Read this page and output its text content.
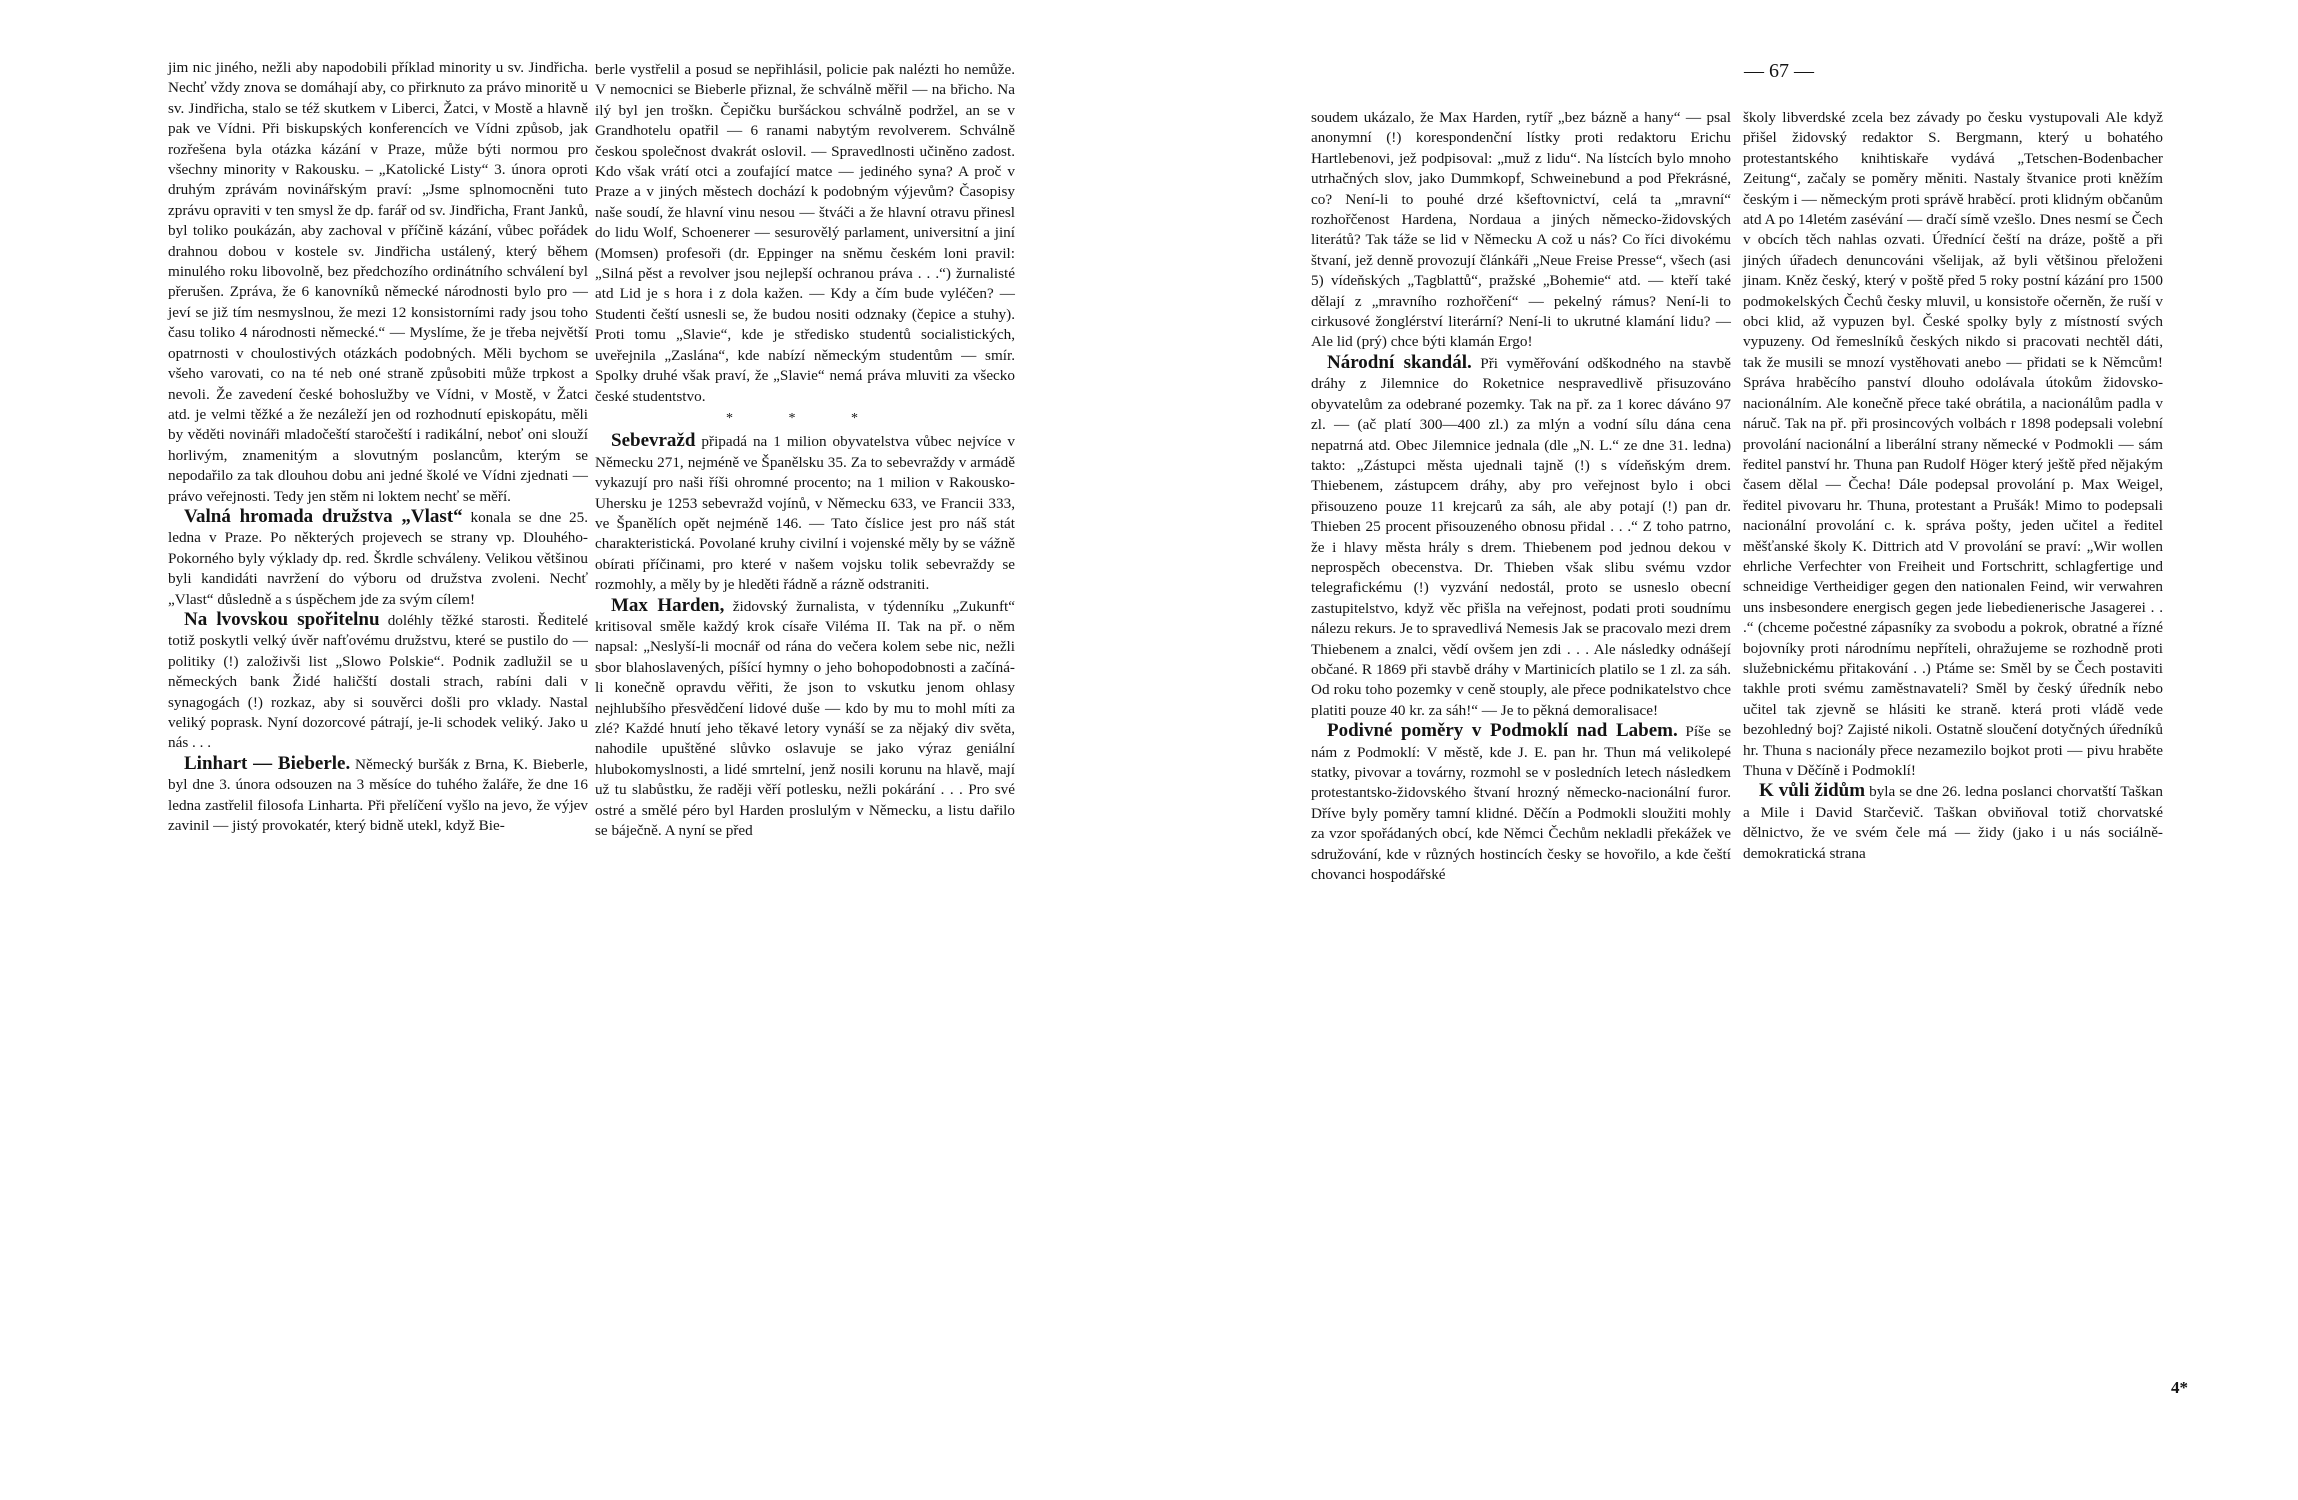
jim nic jiného, nežli aby napodobili příklad minority u sv. Jindřicha. Nechť vždy znova se domáhají aby, co přirknuto za právo minoritě u sv. Jindřicha, stalo se též skutkem v Liberci, Žatci, v Mostě a hlavně pak ve Vídni. Při biskupských konferencích ve Vídni způsob, jak rozřešena byla otázka kázání v Praze, může býti normou pro všechny minority v Rakousku. – „Katolické Listy“ 3. února oproti druhým zprávám novinářským praví: „Jsme splnomocněni tuto zprávu opraviti v ten smysl že dp. farář od sv. Jindřicha, Frant Janků, byl toliko poukázán, aby zachoval v příčině kázání, vůbec pořádek drahnou dobou v kostele sv. Jindřicha ustálený, který během minulého roku libovolně, bez předchozího ordinátního schválení byl přerušen. Zpráva, že 6 kanovníků německé národnosti bylo pro — jeví se již tím nesmyslnou, že mezi 12 konsistorními rady jsou toho času toliko 4 národnosti německé.“ — Myslíme, že je třeba největší opatrnosti v choulostivých otázkách podobných. Měli bychom se všeho varovati, co na té neb oné straně způsobiti může trpkost a nevoli. Že zavedení české bohoslužby ve Vídni, v Mostě, v Žatci atd. je velmi těžké a že nezáleží jen od rozhodnutí episkopátu, měli by věděti novináři mladočeští staročeští i radikální, neboť oni slouží horlivým, znamenitým a slovutným poslancům, kterým se nepodařilo za tak dlouhou dobu ani jedné školé ve Vídni zjednati — právo veřejnosti. Tedy jen stěm ni loktem nechť se měří.

Valná hromada družstva „Vlast“ konala se dne 25. ledna v Praze. Po některých projevech se strany vp. Dlouhého-Pokorného byly výklady dp. red. Škrdle schváleny. Velikou většinou byli kandidáti navržení do výboru od družstva zvoleni. Nechť „Vlast“ důsledně a s úspěchem jde za svým cílem!

Na lvovskou spořitelnu doléhly těžké starosti. Ředitelé totiž poskytli velký úvěr nafťovému družstvu, které se pustilo do — politiky (!) založivši list „Slowo Polskie“. Podnik zadlužil se u německých bank Židé haličští dostali strach, rabíni dali v synagogách (!) rozkaz, aby si souvěrci došli pro vklady. Nastal veliký poprask. Nyní dozorcové pátrají, je-li schodek veliký. Jako u nás . . .

Linhart — Bieberle. Německý buršák z Brna, K. Bieberle, byl dne 3. února odsouzen na 3 měsíce do tuhého žaláře, že dne 16 ledna zastřelil filosofa Linharta. Při přelíčení vyšlo na jevo, že výjev zavinil — jistý provokatér, který bidně utekl, když Bie-

berle vystřelil a posud se nepřihlásil, policie pak nalézti ho nemůže. V nemocnici se Bieberle přiznal, že schválně měřil — na břicho. Na ilý byl jen troškn. Čepičku buršáckou schválně podržel, an se v Grandhotelu opatřil — 6 ranami nabytým revolverem. Schválně českou společnost dvakrát oslovil. — Spravedlnosti učiněno zadost. Kdo však vrátí otci a zoufající matce — jediného syna? A proč v Praze a v jiných městech dochází k podobným výjevům? Časopisy naše soudí, že hlavní vinu nesou — štváči a že hlavní otravu přinesl do lidu Wolf, Schoenerer — sesurovělý parlament, universitní a jiní (Momsen) profesoři (dr. Eppinger na sněmu českém loni pravil: „Silná pěst a revolver jsou nejlepší ochranou práva . . .“) žurnalisté atd Lid je s hora i z dola kažen. — Kdy a čím bude vyléčen? — Studenti čeští usnesli se, že budou nositi odznaky (čepice a stuhy). Proti tomu „Slavie“, kde je středisko studentů socialistických, uveřejnila „Zaslána“, kde nabízí německým studentům — smír. Spolky druhé však praví, že „Slavie“ nemá práva mluviti za všecko české studentstvo.

* * *

Sebevražd připadá na 1 milion obyvatelstva vůbec nejvíce v Německu 271, nejméně ve Španělsku 35. Za to sebevraždy v armádě vykazují pro naši říši ohromné procento; na 1 milion v Rakousko-Uhersku je 1253 sebevražd vojínů, v Německu 633, ve Francii 333, ve Španělích opět nejméně 146. — Tato číslice jest pro náš stát charakteristická. Povolané kruhy civilní i vojenské měly by se vážně obírati příčinami, pro které v našem vojsku tolik sebevraždy se rozmohly, a měly by je hleděti řádně a rázně odstraniti.

Max Harden, židovský žurnalista, v týdenníku „Zukunft“ kritisoval směle každý krok císaře Viléma II. Tak na př. o něm napsal: „Neslyší-li mocnář od rána do večera kolem sebe nic, nežli sbor blahoslavených, píšící hymny o jeho bohopodobnosti a začíná-li konečně opravdu věřiti, že json to vskutku jenom ohlasy nejhlubšího přesvědčení lidové duše — kdo by mu to mohl míti za zlé? Každé hnutí jeho těkavé letory vynáší se za nějaký div světa, nahodile upuštěné slůvko oslavuje se jako výraz geniální hlubokomyslnosti, a lidé smrtelní, jenž nosili korunu na hlavě, mají už tu slabůstku, že raději věří potlesku, nežli pokárání . . . Pro své ostré a smělé péro byl Harden proslulým v Německu, a listu dařilo se báječně. A nyní se před

— 67 —

soudem ukázalo, že Max Harden, rytíř „bez bázně a hany“ — psal anonymní (!) korespondenční lístky proti redaktoru Erichu Hartlebenovi, jež podpisoval: „muž z lidu“. Na lístcích bylo mnoho utrhačných slov, jako Dummkopf, Schweinebund a pod Překrásné, co? Není-li to pouhé drzé kšeftovnictví, celá ta „mravní“ rozhořčenost Hardena, Nordaua a jiných německo-židovských literátů? Tak táže se lid v Německu A což u nás? Co říci divokému štvaní, jež denně provozují článkáři „Neue Freise Presse“, všech (asi 5) vídeňských „Tagblattů“, pražské „Bohemie“ atd. — kteří také dělají z „mravního rozhořčení“ — pekelný rámus? Není-li to cirkusové žonglérství literární? Není-li to ukrutné klamání lidu? — Ale lid (prý) chce býti klamán Ergo!

Národní skandál. Při vyměřování odškodného na stavbě dráhy z Jilemnice do Roketnice nespravedlivě přisuzováno obyvatelům za odebrané pozemky. Tak na př. za 1 korec dáváno 97 zl. — (ač platí 300—400 zl.) za mlýn a vodní sílu dána cena nepatrná atd. Obec Jilemnice jednala (dle „N. L.“ ze dne 31. ledna) takto: „Zástupci města ujednali tajně (!) s vídeňským drem. Thiebenem, zástupcem dráhy, aby pro veřejnost bylo i obci přisouzeno pouze 11 krejcarů za sáh, ale aby potají (!) pan dr. Thieben 25 procent přisouzeného obnosu přidal . . .“ Z toho patrno, že i hlavy města hrály s drem. Thiebenem pod jednou dekou v neprospěch obecenstva. Dr. Thieben však slibu svému vzdor telegrafickému (!) vyzvání nedostál, proto se usneslo obecní zastupitelstvo, když věc přišla na veřejnost, podati proti soudnímu nálezu rekurs. Je to spravedlivá Nemesis Jak se pracovalo mezi drem Thiebenem a znalci, vědí ovšem jen zdi . . . Ale následky odnášejí občané. R 1869 při stavbě dráhy v Martinicích platilo se 1 zl. za sáh. Od roku toho pozemky v ceně stouply, ale přece podnikatelstvo chce platiti pouze 40 kr. za sáh!“ — Je to pěkná demoralisace!

Podivné poměry v Podmoklí nad Labem. Píše se nám z Podmoklí: V městě, kde J. E. pan hr. Thun má velikolepé statky, pivovar a továrny, rozmohl se v posledních letech následkem protestantsko-židovského štvaní hrozný německo-nacionální furor. Dříve byly poměry tamní klidné. Děčín a Podmokli sloužiti mohly za vzor spořádaných obcí, kde Němci Čechům nekladli překážek ve sdružování, kde v různých hostincích česky se hovořilo, a kde čeští chovanci hospodářské

školy libverdské zcela bez závady po česku vystupovali Ale když přišel židovský redaktor S. Bergmann, který u bohatého protestantského knihtiskaře vydává „Tetschen-Bodenbacher Zeitung“, začaly se poměry měniti. Nastaly štvanice proti kněžím českým i — německým proti správě hraběcí. proti klidným občanům atd A po 14letém zasévání — dračí símě vzešlo. Dnes nesmí se Čech v obcích těch nahlas ozvati. Úřednící čeští na dráze, poště a při jiných úřadech denuncováni všelijak, až byli většinou přeloženi jinam. Kněz český, který v poště před 5 roky postní kázání pro 1500 podmokelských Čechů česky mluvil, u konsistoře očerněn, že ruší v obci klid, až vypuzen byl. České spolky byly z místností svých vypuzeny. Od řemeslníků českých nikdo si pracovati nechtěl dáti, tak že musili se mnozí vystěhovati anebo — přidati se k Němcům! Správa hraběcího panství dlouho odolávala útokům židovsko-nacionálním. Ale konečně přece také obrátila, a nacionálům padla v náruč. Tak na př. při prosincových volbách r 1898 podepsali volební provolání nacionální a liberální strany německé v Podmokli — sám ředitel panství hr. Thuna pan Rudolf Höger který ještě před nějakým časem dělal — Čecha! Dále podepsal provolání p. Max Weigel, ředitel pivovaru hr. Thuna, protestant a Prušák! Mimo to podepsali nacionální provolání c. k. správa pošty, jeden učitel a ředitel měšťanské školy K. Dittrich atd V provolání se praví: „Wir wollen ehrliche Verfechter von Freiheit und Fortschritt, schlagfertige und schneidige Vertheidiger gegen den nationalen Feind, wir verwahren uns insbesondere energisch gegen jede liebedienerische Jasagerei . . .“ (chceme počestné zápasníky za svobodu a pokrok, obratné a řízné bojovníky proti národnímu nepříteli, ohražujeme se rozhodně proti služebnickému přitakování . .) Ptáme se: Směl by se Čech postaviti takhle proti svému zaměstnavateli? Směl by český úředník nebo učitel tak zjevně se hlásiti ke straně. která proti vládě vede bezohledný boj? Zajisté nikoli. Ostatně sloučení dotyčných úředníků hr. Thuna s nacionály přece nezamezilo bojkot proti — pivu hraběte Thuna v Děčíně i Podmoklí!

K vůli židům byla se dne 26. ledna poslanci chorvatští Taškan a Mile i David Starčevič. Taškan obviňoval totiž chorvatské dělnictvo, že ve svém čele má — židy (jako i u nás sociálně-demokratická strana

4*
